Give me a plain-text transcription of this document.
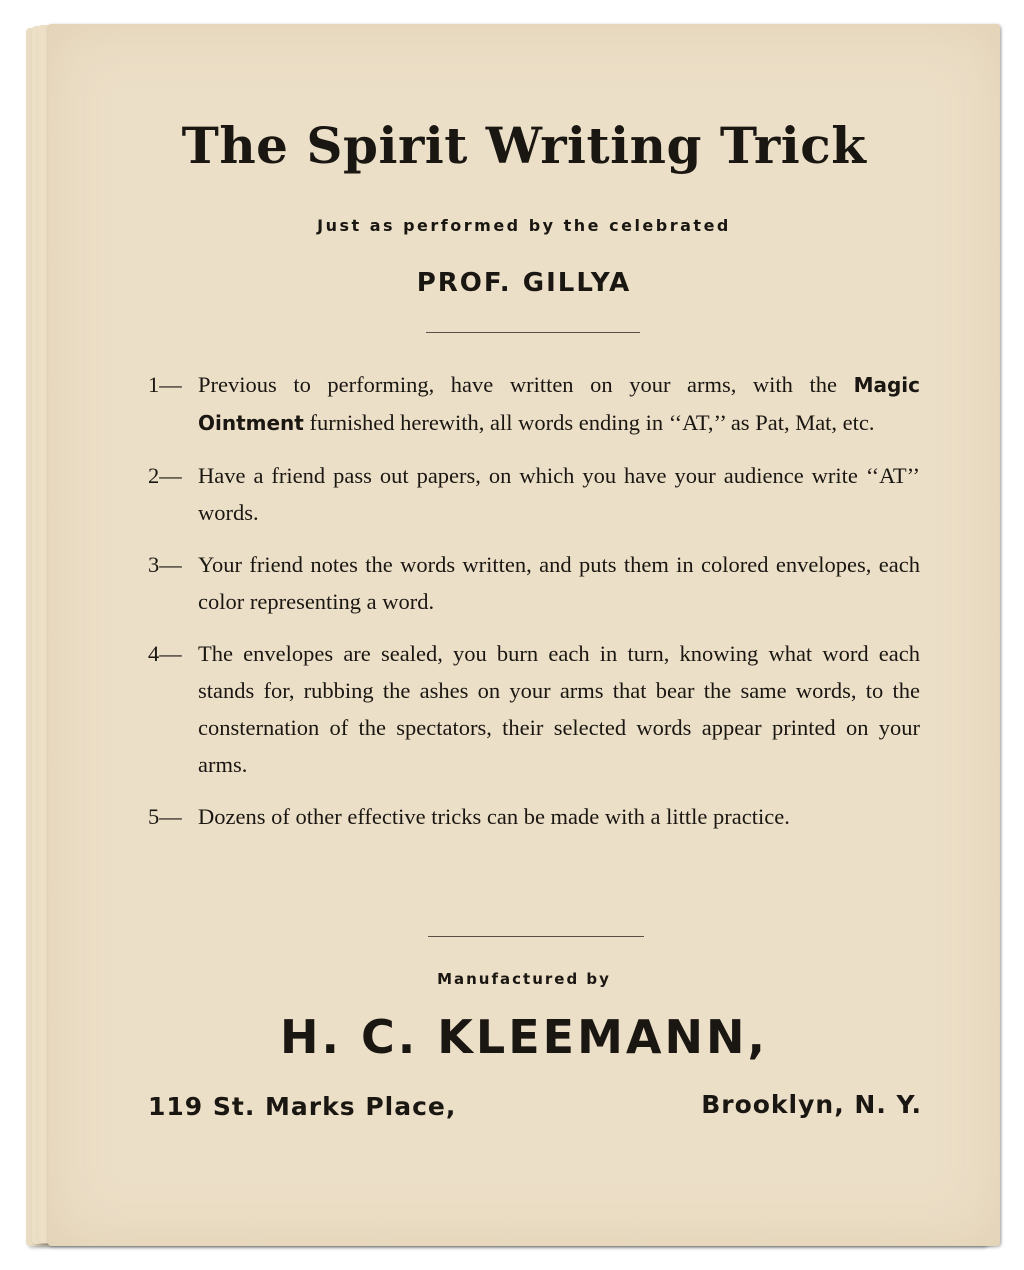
The Spirit Writing Trick
Just as performed by the celebrated
PROF. GILLYA
1— Previous to performing, have written on your arms, with the Magic Ointment furnished herewith, all words ending in ‘‘AT,’’ as Pat, Mat, etc.
2— Have a friend pass out papers, on which you have your audience write ‘‘AT’’ words.
3— Your friend notes the words written, and puts them in colored envelopes, each color representing a word.
4— The envelopes are sealed, you burn each in turn, knowing what word each stands for, rubbing the ashes on your arms that bear the same words, to the consternation of the spectators, their selected words appear printed on your arms.
5— Dozens of other effective tricks can be made with a little practice.
Manufactured by
H. C. KLEEMANN,
119 St. Marks Place,	Brooklyn, N. Y.
